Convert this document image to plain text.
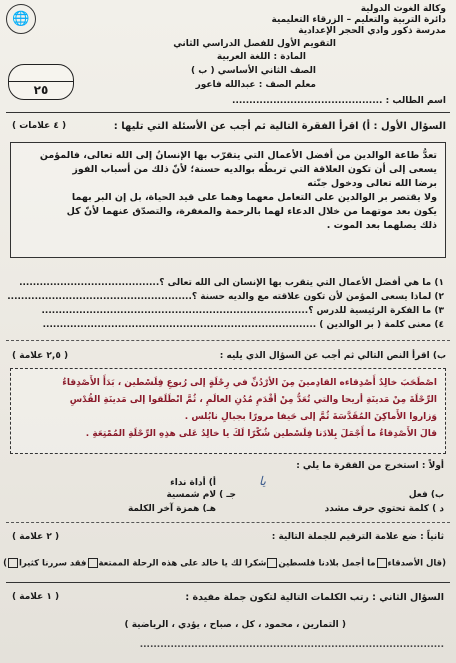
🌐
وكالة الغوث الدولية
دائرة التربية والتعليم – الزرقاء التعليمية
مدرسة ذكور وادي الحجر الإعدادية
التقويم الأول للفصل الدراسي الثاني
المادة : اللغة العربية
الصف الثاني الأساسي ( ب )
معلم الصف : عبدالله فاعور
٢٥
اسم الطالب : ............................................
السؤال الأول : أ) اقرأ الفقرة التالية ثم أجب عن الأسئلة التي تليها :
( ٤ علامات )
تعدُّ طاعة الوالدين من أفضل الأعمال التي يتقرّب بها الإنسانُ إلى الله تعالى، فالمؤمن
يسعى إلى أن تكون العلاقة التي تربطُه بوالديه حسنة؛ لأنّ ذلك من أسباب الفوز
برضا الله تعالى ودخول جنّته
ولا يقتصر بر الوالدين على التعامل معهما وهما على قيد الحياة، بل إن البر بهما
يكون بعد موتهما من خلال الدعاء لهما بالرحمة والمغفرة، والتصدّق عنهما لأنّ كل
ذلك يصلهما بعد الموت .
١) ما هي أفضل الأعمال التي يتقرب بها الإنسان الى الله تعالى ؟.........................................
٢) لماذا يسعى المؤمن لأن تكون علاقته مع والديه حسنة ؟......................................................
٣) ما الفكرة الرئيسية للدرس ؟..............................................................................
٤) معنى كلمة ( بر الوالدين ) ................................................................................
ب) اقرأ النص التالي ثم أجب عن السؤال الذي يليه :
( ٢,٥ علامة )
اصْطَحَبَ خالِدٌ أَصْدِقاءه القادِمينَ مِنَ الأرْدُنِّ في رِحْلَةٍ إلى رُبوعِ فِلَسْطين ، بَدَأَ الأَصْدِقاءُ
الرِّحْلَةَ مِنْ مَدينَةِ أريحا والتي تُعَدُّ مِنْ أقْدَمِ مُدُنِ العالَمِ ، ثُمَّ انْطَلَقوا إلى مَدينَةِ القُدْسِ
وَزاروا الأَماكِنَ المُقَدَّسَةَ ثُمَّ إلى حَيفا مرورًا بجبالِ نابُلس .
قالَ الأَصْدِقاءُ ما أَجْمَلَ بِلادَنا فِلَسْطين شُكْرًا لَكَ يا خالِدُ عَلى هذِهِ الرِّحْلَةِ المُمْتِعَةِ .
أولاً : استخرج من الفقرة ما يلي :
أ) أداة نداء	يا
ب) فعل
جـ ) لام شمسية
د ) كلمة تحتوي حرف مشدد
هـ) همزة آخر الكلمة
ثانياً : ضع علامة الترقيم للجملة التالية :
( ٢ علامة )
(قال الأصدقاءما أجمل بلادنا فلسطينشكرا لك يا خالد على هذه الرحلة الممتعةفقد سررنا كثيرا)
السؤال الثاني : رتب الكلمات التالية لتكون جملة مفيدة :
( ١ علامة )
( التمارين ، محمود ، كل ، صباح ، يؤدي ، الرياضية )
.........................................................................................
